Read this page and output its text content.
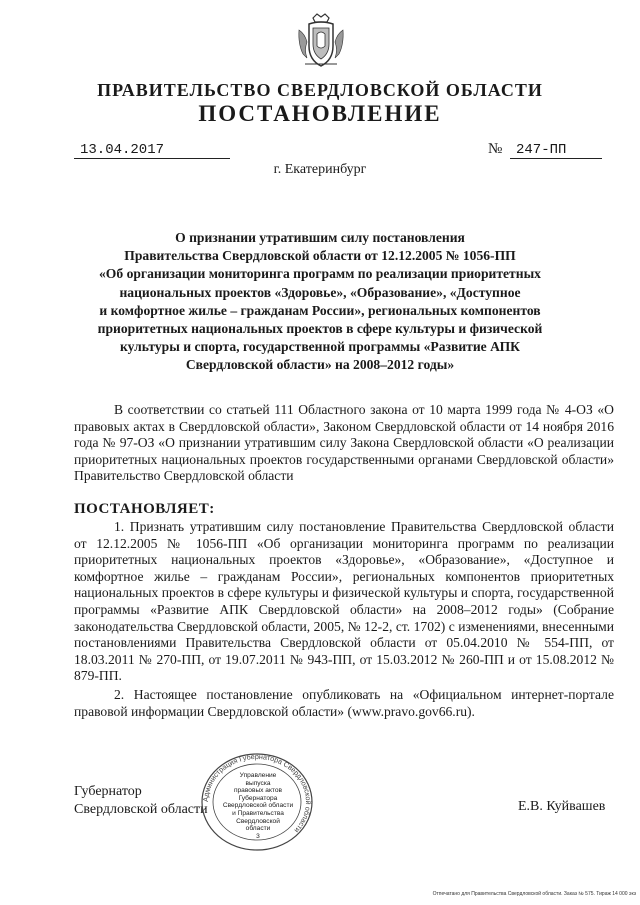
ПРАВИТЕЛЬСТВО СВЕРДЛОВСКОЙ ОБЛАСТИ
ПОСТАНОВЛЕНИЕ
13.04.2017	№ 247-ПП
г. Екатеринбург
О признании утратившим силу постановления
Правительства Свердловской области от 12.12.2005 № 1056-ПП
«Об организации мониторинга программ по реализации приоритетных
национальных проектов «Здоровье», «Образование», «Доступное
и комфортное жилье – гражданам России», региональных компонентов
приоритетных национальных проектов в сфере культуры и физической
культуры и спорта, государственной программы «Развитие АПК
Свердловской области» на 2008–2012 годы»

В соответствии со статьей 111 Областного закона от 10 марта 1999 года № 4-ОЗ «О правовых актах в Свердловской области», Законом Свердловской области от 14 ноября 2016 года № 97-ОЗ «О признании утратившим силу Закона Свердловской области «О реализации приоритетных национальных проектов государственными органами Свердловской области» Правительство Свердловской области

ПОСТАНОВЛЯЕТ:

1. Признать утратившим силу постановление Правительства Свердловской области от 12.12.2005 № 1056-ПП «Об организации мониторинга программ по реализации приоритетных национальных проектов «Здоровье», «Образование», «Доступное и комфортное жилье – гражданам России», региональных компонентов приоритетных национальных проектов в сфере культуры и физической культуры и спорта, государственной программы «Развитие АПК Свердловской области» на 2008–2012 годы» (Собрание законодательства Свердловской области, 2005, № 12-2, ст. 1702) с изменениями, внесенными постановлениями Правительства Свердловской области от 05.04.2010 № 554-ПП, от 18.03.2011 № 270-ПП, от 19.07.2011 № 943-ПП, от 15.03.2012 № 260-ПП и от 15.08.2012 № 879-ПП.

2. Настоящее постановление опубликовать на «Официальном интернет-портале правовой информации Свердловской области» (www.pravo.gov66.ru).

Губернатор
Свердловской области	Е.В. Куйвашев
Администрация Губернатора Свердловской области
Управление
выпуска
правовых актов
Губернатора
Свердловской области
и Правительства
Свердловской
области
3
Отпечатано для Правительства Свердловской области. Заказ № 575. Тираж 14 000 экз
